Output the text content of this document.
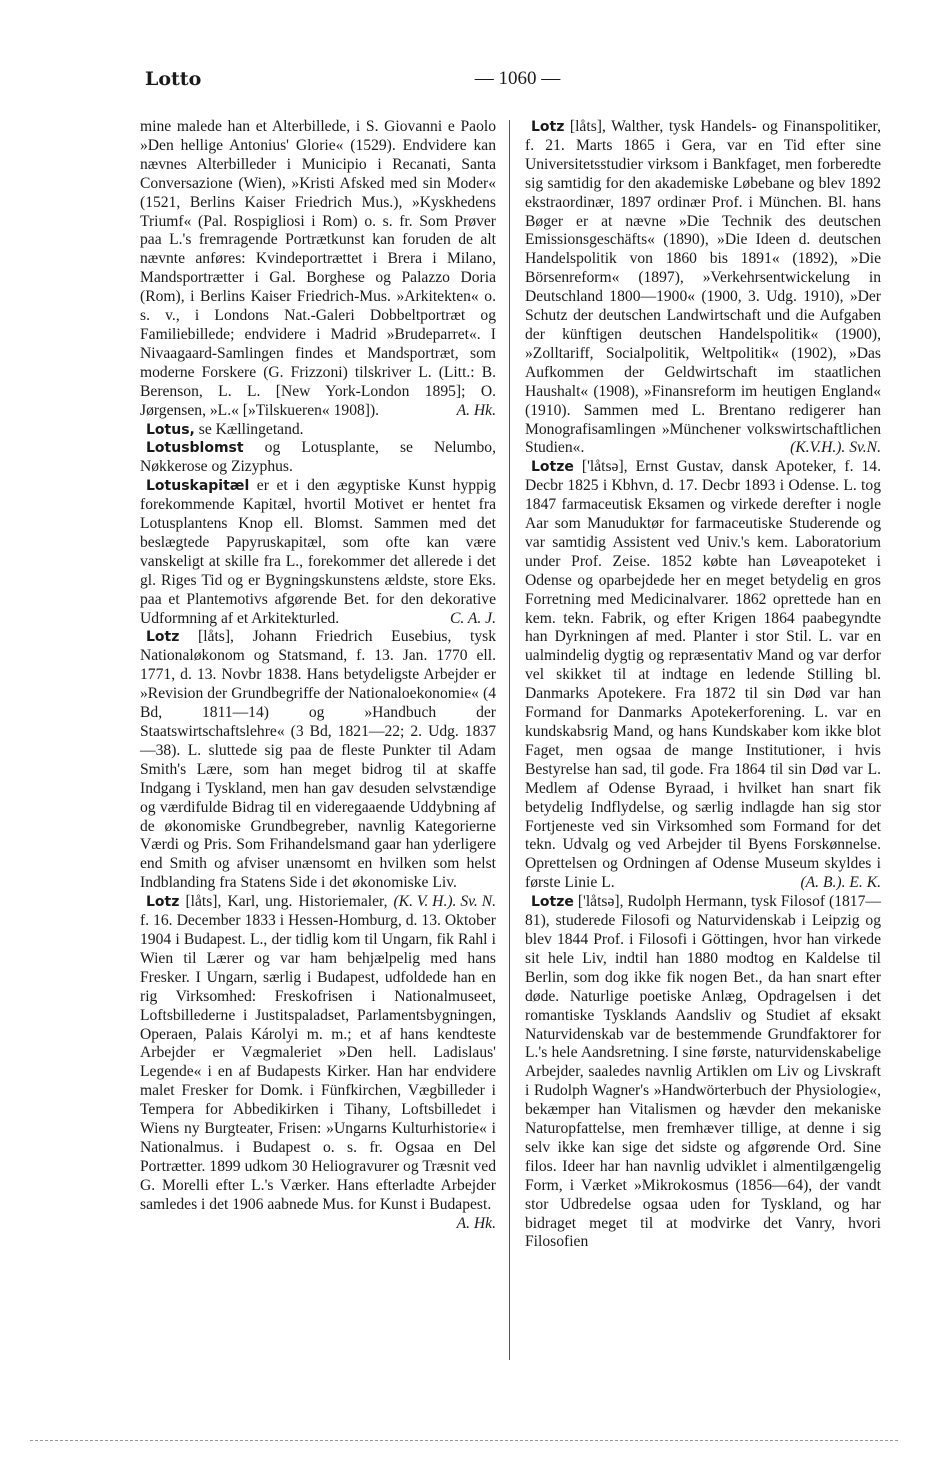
Lotto	— 1060 —

mine malede han et Alterbillede, i S. Giovanni e Paolo »Den hellige Antonius' Glorie« (1529). Endvidere kan nævnes Alterbilleder i Municipio i Recanati, Santa Conversazione (Wien), »Kristi Afsked med sin Moder« (1521, Berlins Kaiser Friedrich Mus.), »Kyskhedens Triumf« (Pal. Rospigliosi i Rom) o. s. fr. Som Prøver paa L.'s fremragende Portrætkunst kan foruden de alt nævnte anføres: Kvindeportrættet i Brera i Milano, Mandsportrætter i Gal. Borghese og Palazzo Doria (Rom), i Berlins Kaiser Friedrich-Mus. »Arkitekten« o. s. v., i Londons Nat.-Galeri Dobbeltportræt og Familiebillede; endvidere i Madrid »Brudeparret«. I Nivaagaard-Samlingen findes et Mandsportræt, som moderne Forskere (G. Frizzoni) tilskriver L. (Litt.: B. Berenson, L. L. [New York-London 1895]; O. Jørgensen, »L.« [»Tilskueren« 1908]).	A. Hk.

Lotus, se Kællingetand.

Lotusblomst og Lotusplante, se Nelumbo, Nøkkerose og Zizyphus.

Lotuskapitæl er et i den ægyptiske Kunst hyppig forekommende Kapitæl, hvortil Motivet er hentet fra Lotusplantens Knop ell. Blomst. Sammen med det beslægtede Papyruskapitæl, som ofte kan være vanskeligt at skille fra L., forekommer det allerede i det gl. Riges Tid og er Bygningskunstens ældste, store Eks. paa et Plantemotivs afgørende Bet. for den dekorative Udformning af et Arkitekturled.	C. A. J.

Lotz [låts], Johann Friedrich Eusebius, tysk Nationaløkonom og Statsmand, f. 13. Jan. 1770 ell. 1771, d. 13. Novbr 1838. Hans betydeligste Arbejder er »Revision der Grundbegriffe der Nationaloekonomie« (4 Bd, 1811—14) og »Handbuch der Staatswirtschaftslehre« (3 Bd, 1821—22; 2. Udg. 1837—38). L. sluttede sig paa de fleste Punkter til Adam Smith's Lære, som han meget bidrog til at skaffe Indgang i Tyskland, men han gav desuden selvstændige og værdifulde Bidrag til en videregaaende Uddybning af de økonomiske Grundbegreber, navnlig Kategorierne Værdi og Pris. Som Frihandelsmand gaar han yderligere end Smith og afviser unænsomt en hvilken som helst Indblanding fra Statens Side i det økonomiske Liv.
(K. V. H.). Sv. N.

Lotz [låts], Karl, ung. Historiemaler, f. 16. December 1833 i Hessen-Homburg, d. 13. Oktober 1904 i Budapest. L., der tidlig kom til Ungarn, fik Rahl i Wien til Lærer og var ham behjælpelig med hans Fresker. I Ungarn, særlig i Budapest, udfoldede han en rig Virksomhed: Freskofrisen i Nationalmuseet, Loftsbillederne i Justitspaladset, Parlamentsbygningen, Operaen, Palais Károlyi m. m.; et af hans kendteste Arbejder er Vægmaleriet »Den hell. Ladislaus' Legende« i en af Budapests Kirker. Han har endvidere malet Fresker for Domk. i Fünfkirchen, Vægbilleder i Tempera for Abbedikirken i Tihany, Loftsbilledet i Wiens ny Burgteater, Frisen: »Ungarns Kulturhistorie« i Nationalmus. i Budapest o. s. fr. Ogsaa en Del Portrætter. 1899 udkom 30 Heliogravurer og Træsnit ved G. Morelli efter L.'s Værker. Hans efterladte Arbejder samledes i det 1906 aabnede Mus. for Kunst i Budapest.
A. Hk.

Lotz [låts], Walther, tysk Handels- og Finanspolitiker, f. 21. Marts 1865 i Gera, var en Tid efter sine Universitetsstudier virksom i Bankfaget, men forberedte sig samtidig for den akademiske Løbebane og blev 1892 ekstraordinær, 1897 ordinær Prof. i München. Bl. hans Bøger er at nævne »Die Technik des deutschen Emissionsgeschäfts« (1890), »Die Ideen d. deutschen Handelspolitik von 1860 bis 1891« (1892), »Die Börsenreform« (1897), »Verkehrsentwickelung in Deutschland 1800—1900« (1900, 3. Udg. 1910), »Der Schutz der deutschen Landwirtschaft und die Aufgaben der künftigen deutschen Handelspolitik« (1900), »Zolltariff, Socialpolitik, Weltpolitik« (1902), »Das Aufkommen der Geldwirtschaft im staatlichen Haushalt« (1908), »Finansreform im heutigen England« (1910). Sammen med L. Brentano redigerer han Monografisamlingen »Münchener volkswirtschaftlichen Studien«.	(K.V.H.). Sv.N.

Lotze ['låtsə], Ernst Gustav, dansk Apoteker, f. 14. Decbr 1825 i Kbhvn, d. 17. Decbr 1893 i Odense. L. tog 1847 farmaceutisk Eksamen og virkede derefter i nogle Aar som Manuduktør for farmaceutiske Studerende og var samtidig Assistent ved Univ.'s kem. Laboratorium under Prof. Zeise. 1852 købte han Løveapoteket i Odense og oparbejdede her en meget betydelig en gros Forretning med Medicinalvarer. 1862 oprettede han en kem. tekn. Fabrik, og efter Krigen 1864 paabegyndte han Dyrkningen af med. Planter i stor Stil. L. var en ualmindelig dygtig og repræsentativ Mand og var derfor vel skikket til at indtage en ledende Stilling bl. Danmarks Apotekere. Fra 1872 til sin Død var han Formand for Danmarks Apotekerforening. L. var en kundskabsrig Mand, og hans Kundskaber kom ikke blot Faget, men ogsaa de mange Institutioner, i hvis Bestyrelse han sad, til gode. Fra 1864 til sin Død var L. Medlem af Odense Byraad, i hvilket han snart fik betydelig Indflydelse, og særlig indlagde han sig stor Fortjeneste ved sin Virksomhed som Formand for det tekn. Udvalg og ved Arbejder til Byens Forskønnelse. Oprettelsen og Ordningen af Odense Museum skyldes i første Linie L.	(A. B.). E. K.

Lotze ['låtsə], Rudolph Hermann, tysk Filosof (1817—81), studerede Filosofi og Naturvidenskab i Leipzig og blev 1844 Prof. i Filosofi i Göttingen, hvor han virkede sit hele Liv, indtil han 1880 modtog en Kaldelse til Berlin, som dog ikke fik nogen Bet., da han snart efter døde. Naturlige poetiske Anlæg, Opdragelsen i det romantiske Tysklands Aandsliv og Studiet af eksakt Naturvidenskab var de bestemmende Grundfaktorer for L.'s hele Aandsretning. I sine første, naturvidenskabelige Arbejder, saaledes navnlig Artiklen om Liv og Livskraft i Rudolph Wagner's »Handwörterbuch der Physiologie«, bekæmper han Vitalismen og hævder den mekaniske Naturopfattelse, men fremhæver tillige, at denne i sig selv ikke kan sige det sidste og afgørende Ord. Sine filos. Ideer har han navnlig udviklet i almentilgængelig Form, i Værket »Mikrokosmus (1856—64), der vandt stor Udbredelse ogsaa uden for Tyskland, og har bidraget meget til at modvirke det Vanry, hvori Filosofien
